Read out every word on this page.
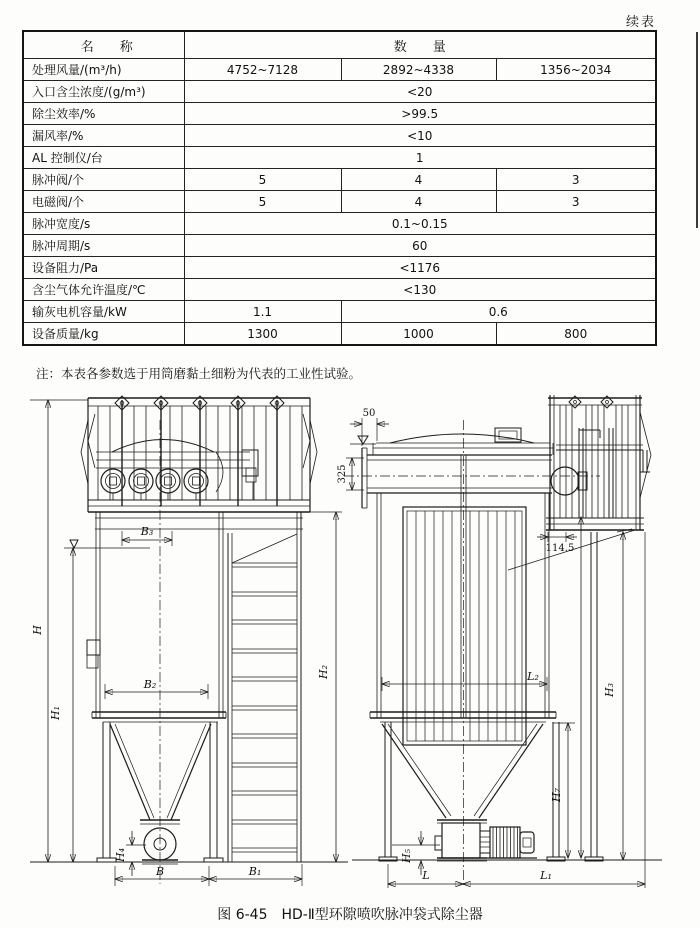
续表
名　　称	数　　量		
处理风量/(m³/h)	4752~7128	2892~4338	1356~2034
入口含尘浓度/(g/m³)	<20		
除尘效率/%	>99.5		
漏风率/%	<10		
AL 控制仪/台	1		
脉冲阀/个	5	4	3
电磁阀/个	5	4	3
脉冲宽度/s	0.1~0.15		
脉冲周期/s	60		
设备阻力/Pa	<1176		
含尘气体允许温度/℃	<130		
输灰电机容量/kW	1.1	0.6	
设备质量/kg	1300	1000	800
注：本表各参数选于用筒磨黏土细粉为代表的工业性试验。
H
H₁
H₂
B₃
B₂
H₄
B	B₁
50
325
114.5
L₂
H₇
H₃
H₅
L	L₁
图 6-45　HD-Ⅱ型环隙喷吹脉冲袋式除尘器
